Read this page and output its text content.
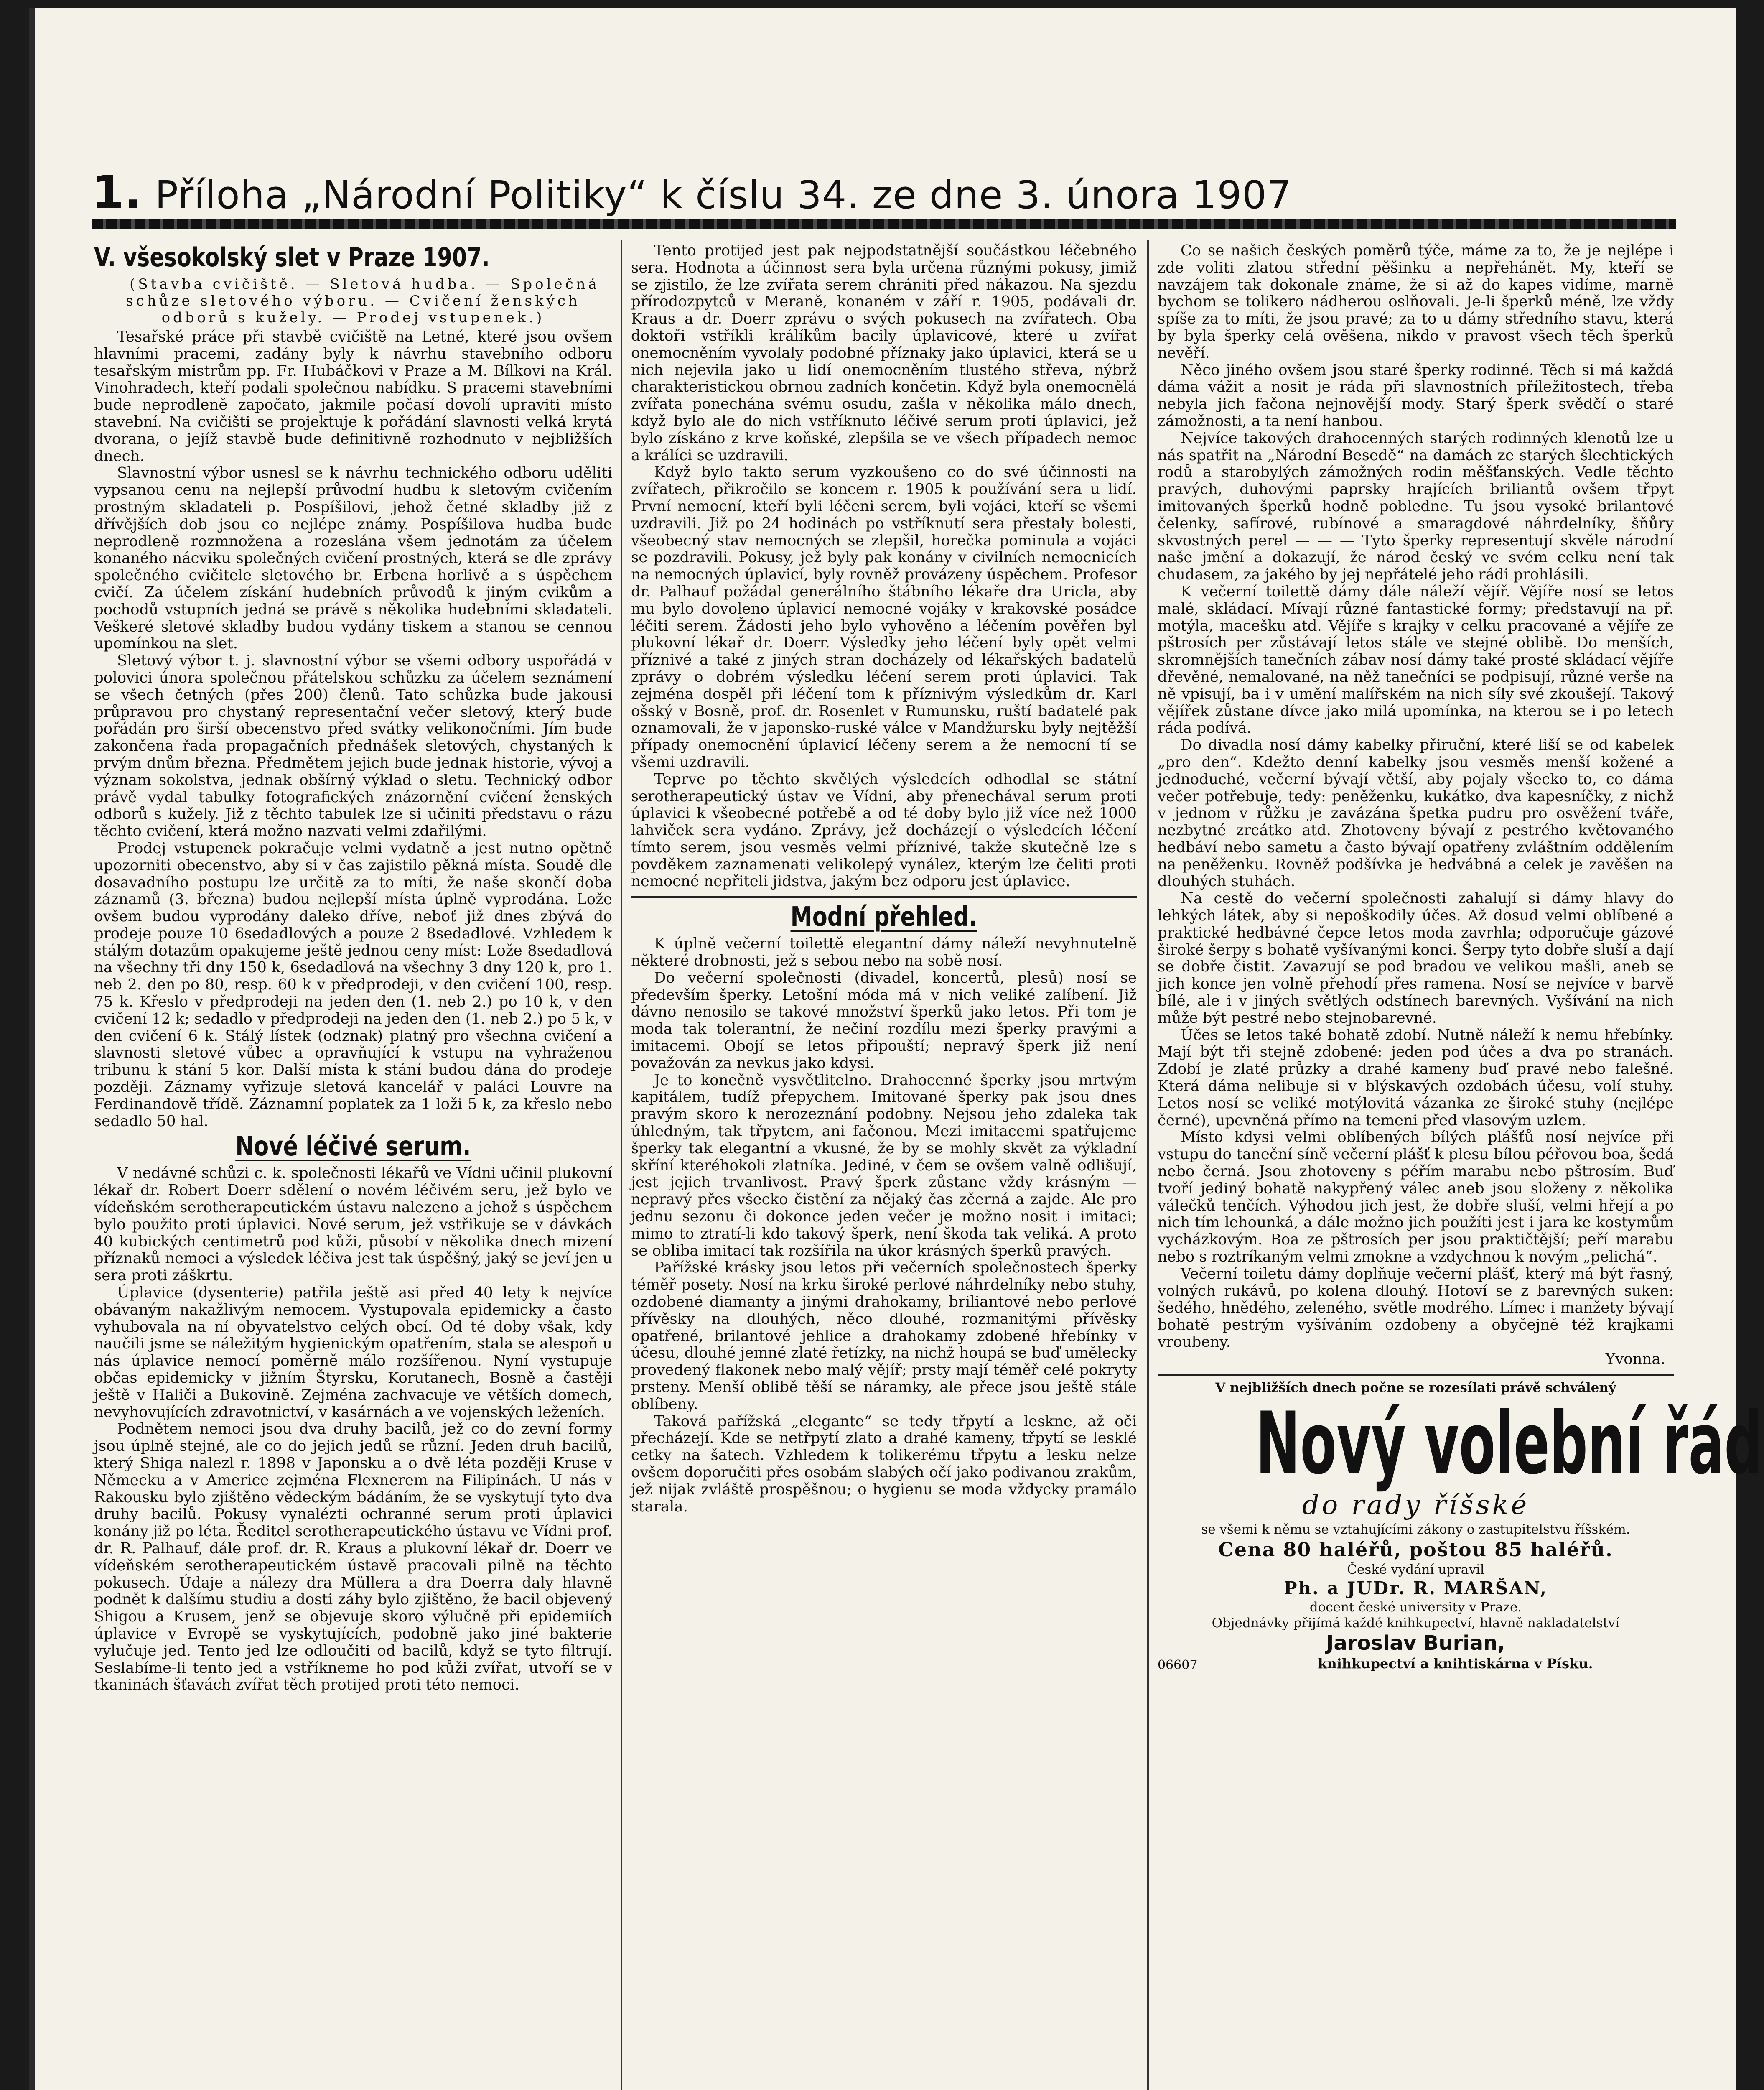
1. Příloha „Národní Politiky“ k číslu 34. ze dne 3. února 1907
V. všesokolský slet v Praze 1907.

(Stavba cvičiště. — Sletová hudba. — Společná schůze sletového výboru. — Cvičení ženských odborů s kužely. — Prodej vstupenek.)

Tesařské práce při stavbě cvičiště na Letné, které jsou ovšem hlavními pracemi, zadány byly k návrhu stavebního odboru tesařským mistrům pp. Fr. Hubáčkovi v Praze a M. Bílkovi na Král. Vinohradech, kteří podali společnou nabídku. S pracemi stavebními bude neprodleně započato, jakmile počasí dovolí upraviti místo stavební. Na cvičišti se projektuje k pořádání slavnosti velká krytá dvorana, o jejíž stavbě bude definitivně rozhodnuto v nejbližších dnech.

Slavnostní výbor usnesl se k návrhu technického odboru uděliti vypsanou cenu na nejlepší průvodní hudbu k sletovým cvičením prostným skladateli p. Pospíšilovi, jehož četné skladby již z dřívějších dob jsou co nejlépe známy. Pospíšilova hudba bude neprodleně rozmnožena a rozeslána všem jednotám za účelem konaného nácviku společných cvičení prostných, která se dle zprávy společného cvičitele sletového br. Erbena horlivě a s úspěchem cvičí. Za účelem získání hudebních průvodů k jiným cvikům a pochodů vstupních jedná se právě s několika hudebními skladateli. Veškeré sletové skladby budou vydány tiskem a stanou se cennou upomínkou na slet.

Sletový výbor t. j. slavnostní výbor se všemi odbory uspořádá v polovici února společnou přátelskou schůzku za účelem seznámení se všech četných (přes 200) členů. Tato schůzka bude jakousi průpravou pro chystaný representační večer sletový, který bude pořádán pro širší obecenstvo před svátky velikonočními. Jím bude zakončena řada propagačních přednášek sletových, chystaných k prvým dnům března. Předmětem jejich bude jednak historie, vývoj a význam sokolstva, jednak obšírný výklad o sletu. Technický odbor právě vydal tabulky fotografických znázornění cvičení ženských odborů s kužely. Již z těchto tabulek lze si učiniti představu o rázu těchto cvičení, která možno nazvati velmi zdařilými.

Prodej vstupenek pokračuje velmi vydatně a jest nutno opětně upozorniti obecenstvo, aby si v čas zajistilo pěkná místa. Soudě dle dosavadního postupu lze určitě za to míti, že naše skončí doba záznamů (3. března) budou nejlepší místa úplně vyprodána. Lože ovšem budou vyprodány daleko dříve, neboť již dnes zbývá do prodeje pouze 10 6sedadlových a pouze 2 8sedadlové. Vzhledem k stálým dotazům opakujeme ještě jednou ceny míst: Lože 8sedadlová na všechny tři dny 150 k, 6sedadlová na všechny 3 dny 120 k, pro 1. neb 2. den po 80, resp. 60 k v předprodeji, v den cvičení 100, resp. 75 k. Křeslo v předprodeji na jeden den (1. neb 2.) po 10 k, v den cvičení 12 k; sedadlo v předprodeji na jeden den (1. neb 2.) po 5 k, v den cvičení 6 k. Stálý lístek (odznak) platný pro všechna cvičení a slavnosti sletové vůbec a opravňující k vstupu na vyhraženou tribunu k stání 5 kor. Další místa k stání budou dána do prodeje později. Záznamy vyřizuje sletová kancelář v paláci Louvre na Ferdinandově třídě. Záznamní poplatek za 1 loži 5 k, za křeslo nebo sedadlo 50 hal.

Nové léčivé serum.

V nedávné schůzi c. k. společnosti lékařů ve Vídni učinil plukovní lékař dr. Robert Doerr sdělení o novém léčivém seru, jež bylo ve vídeňském serotherapeutickém ústavu nalezeno a jehož s úspěchem bylo použito proti úplavici. Nové serum, jež vstřikuje se v dávkách 40 kubických centimetrů pod kůži, působí v několika dnech mizení příznaků nemoci a výsledek léčiva jest tak úspěšný, jaký se jeví jen u sera proti záškrtu.

Úplavice (dysenterie) patřila ještě asi před 40 lety k nejvíce obávaným nakažlivým nemocem. Vystupovala epidemicky a často vyhubovala na ní obyvatelstvo celých obcí. Od té doby však, kdy naučili jsme se náležitým hygienickým opatřením, stala se alespoň u nás úplavice nemocí poměrně málo rozšířenou. Nyní vystupuje občas epidemicky v jižním Štyrsku, Korutanech, Bosně a častěji ještě v Haliči a Bukovině. Zejména zachvacuje ve větších domech, nevyhovujících zdravotnictví, v kasárnách a ve vojenských leženích.

Podnětem nemoci jsou dva druhy bacilů, jež co do zevní formy jsou úplně stejné, ale co do jejich jedů se různí. Jeden druh bacilů, který Shiga nalezl r. 1898 v Japonsku a o dvě léta později Kruse v Německu a v Americe zejména Flexnerem na Filipinách. U nás v Rakousku bylo zjištěno vědeckým bádáním, že se vyskytují tyto dva druhy bacilů. Pokusy vynalézti ochranné serum proti úplavici konány již po léta. Ředitel serotherapeutického ústavu ve Vídni prof. dr. R. Palhauf, dále prof. dr. R. Kraus a plukovní lékař dr. Doerr ve vídeňském serotherapeutickém ústavě pracovali pilně na těchto pokusech. Údaje a nálezy dra Müllera a dra Doerra daly hlavně podnět k dalšímu studiu a dosti záhy bylo zjištěno, že bacil objevený Shigou a Krusem, jenž se objevuje skoro výlučně při epidemiích úplavice v Evropě se vyskytujících, podobně jako jiné bakterie vylučuje jed. Tento jed lze odloučiti od bacilů, když se tyto filtrují. Seslabíme-li tento jed a vstříkneme ho pod kůži zvířat, utvoří se v tkaninách šťavách zvířat těch protijed proti této nemoci.

Tento protijed jest pak nejpodstatnější součástkou léčebného sera. Hodnota a účinnost sera byla určena různými pokusy, jimiž se zjistilo, že lze zvířata serem chrániti před nákazou. Na sjezdu přírodozpytců v Meraně, konaném v září r. 1905, podávali dr. Kraus a dr. Doerr zprávu o svých pokusech na zvířatech. Oba doktoři vstříkli králíkům bacily úplavicové, které u zvířat onemocněním vyvolaly podobné příznaky jako úplavici, která se u nich nejevila jako u lidí onemocněním tlustého střeva, nýbrž charakteristickou obrnou zadních končetin. Když byla onemocnělá zvířata ponechána svému osudu, zašla v několika málo dnech, když bylo ale do nich vstříknuto léčivé serum proti úplavici, jež bylo získáno z krve koňské, zlepšila se ve všech případech nemoc a králíci se uzdravili.

Když bylo takto serum vyzkoušeno co do své účinnosti na zvířatech, přikročilo se koncem r. 1905 k používání sera u lidí. První nemocní, kteří byli léčeni serem, byli vojáci, kteří se všemi uzdravili. Již po 24 hodinách po vstříknutí sera přestaly bolesti, všeobecný stav nemocných se zlepšil, horečka pominula a vojáci se pozdravili. Pokusy, jež byly pak konány v civilních nemocnicích na nemocných úplavicí, byly rovněž provázeny úspěchem. Profesor dr. Palhauf požádal generálního štábního lékaře dra Uricla, aby mu bylo dovoleno úplavicí nemocné vojáky v krakovské posádce léčiti serem. Žádosti jeho bylo vyhověno a léčením pověřen byl plukovní lékař dr. Doerr. Výsledky jeho léčení byly opět velmi příznivé a také z jiných stran docházely od lékařských badatelů zprávy o dobrém výsledku léčení serem proti úplavici. Tak zejména dospěl při léčení tom k příznivým výsledkům dr. Karl ošský v Bosně, prof. dr. Rosenlet v Rumunsku, ruští badatelé pak oznamovali, že v japonsko-ruské válce v Mandžursku byly nejtěžší případy onemocnění úplavicí léčeny serem a že nemocní tí se všemi uzdravili.

Teprve po těchto skvělých výsledcích odhodlal se státní serotherapeutický ústav ve Vídni, aby přenechával serum proti úplavici k všeobecné potřebě a od té doby bylo již více než 1000 lahviček sera vydáno. Zprávy, jež docházejí o výsledcích léčení tímto serem, jsou vesměs velmi příznivé, takže skutečně lze s povděkem zaznamenati velikolepý vynález, kterým lze čeliti proti nemocné nepřiteli jidstva, jakým bez odporu jest úplavice.

Modní přehled.

K úplně večerní toilettě elegantní dámy náleží nevyhnutelně některé drobnosti, jež s sebou nebo na sobě nosí.

Do večerní společnosti (divadel, koncertů, plesů) nosí se především šperky. Letošní móda má v nich veliké zalíbení. Již dávno nenosilo se takové množství šperků jako letos. Při tom je moda tak tolerantní, že nečiní rozdílu mezi šperky pravými a imitacemi. Obojí se letos připouští; nepravý šperk již není považován za nevkus jako kdysi.

Je to konečně vysvětlitelno. Drahocenné šperky jsou mrtvým kapitálem, tudíž přepychem. Imitované šperky pak jsou dnes pravým skoro k nerozeznání podobny. Nejsou jeho zdaleka tak úhledným, tak třpytem, ani fačonou. Mezi imitacemi spatřujeme šperky tak elegantní a vkusné, že by se mohly skvět za výkladní skříní kteréhokoli zlatníka. Jediné, v čem se ovšem valně odlišují, jest jejich trvanlivost. Pravý šperk zůstane vždy krásným — nepravý přes všecko čistění za nějaký čas zčerná a zajde. Ale pro jednu sezonu či dokonce jeden večer je možno nosit i imitaci; mimo to ztratí-li kdo takový šperk, není škoda tak veliká. A proto se obliba imitací tak rozšířila na úkor krásných šperků pravých.

Pařížské krásky jsou letos při večerních společnostech šperky téměř posety. Nosí na krku široké perlové náhrdelníky nebo stuhy, ozdobené diamanty a jinými drahokamy, briliantové nebo perlové přívěsky na dlouhých, něco dlouhé, rozmanitými přívěsky opatřené, brilantové jehlice a drahokamy zdobené hřebínky v účesu, dlouhé jemné zlaté řetízky, na nichž houpá se buď umělecky provedený flakonek nebo malý vějíř; prsty mají téměř celé pokryty prsteny. Menší oblibě těší se náramky, ale přece jsou ještě stále oblíbeny.

Taková pařížská „elegante“ se tedy třpytí a leskne, až oči přecházejí. Kde se netřpytí zlato a drahé kameny, třpytí se lesklé cetky na šatech. Vzhledem k tolikerému třpytu a lesku nelze ovšem doporučiti přes osobám slabých očí jako podivanou zrakům, jež nijak zvláště prospěšnou; o hygienu se moda vždycky pramálo starala.

Co se našich českých poměrů týče, máme za to, že je nejlépe i zde voliti zlatou střední pěšinku a nepřehánět. My, kteří se navzájem tak dokonale známe, že si až do kapes vidíme, marně bychom se tolikero nádherou oslňovali. Je-li šperků méně, lze vždy spíše za to míti, že jsou pravé; za to u dámy středního stavu, která by byla šperky celá ověšena, nikdo v pravost všech těch šperků nevěří.

Něco jiného ovšem jsou staré šperky rodinné. Těch si má každá dáma vážit a nosit je ráda při slavnostních příležitostech, třeba nebyla jich fačona nejnovější mody. Starý šperk svědčí o staré zámožnosti, a ta není hanbou.

Nejvíce takových drahocenných starých rodinných klenotů lze u nás spatřit na „Národní Besedě“ na damách ze starých šlechtických rodů a starobylých zámožných rodin měšťanských. Vedle těchto pravých, duhovými paprsky hrajících briliantů ovšem třpyt imitovaných šperků hodně pobledne. Tu jsou vysoké brilantové čelenky, safírové, rubínové a smaragdové náhrdelníky, šňůry skvostných perel — — — Tyto šperky representují skvěle národní naše jmění a dokazují, že národ český ve svém celku není tak chudasem, za jakého by jej nepřátelé jeho rádi prohlásili.

K večerní toilettě dámy dále náleží vějíř. Vějíře nosí se letos malé, skládací. Mívají různé fantastické formy; představují na př. motýla, macešku atd. Vějíře s krajky v celku pracované a vějíře ze pštrosích per zůstávají letos stále ve stejné oblibě. Do menších, skromnějších tanečních zábav nosí dámy také prosté skládací vějíře dřevěné, nemalované, na něž tanečníci se podpisují, různé verše na ně vpisují, ba i v umění malířském na nich síly své zkoušejí. Takový vějířek zůstane dívce jako milá upomínka, na kterou se i po letech ráda podívá.

Do divadla nosí dámy kabelky přiruční, které liší se od kabelek „pro den“. Kdežto denní kabelky jsou vesměs menší kožené a jednoduché, večerní bývají větší, aby pojaly všecko to, co dáma večer potřebuje, tedy: peněženku, kukátko, dva kapesníčky, z nichž v jednom v růžku je zavázána špetka pudru pro osvěžení tváře, nezbytné zrcátko atd. Zhotoveny bývají z pestrého květovaného hedbáví nebo sametu a často bývají opatřeny zvláštním oddělením na peněženku. Rovněž podšívka je hedvábná a celek je zavěšen na dlouhých stuhách.

Na cestě do večerní společnosti zahalují si dámy hlavy do lehkých látek, aby si nepoškodily účes. Až dosud velmi oblíbené a praktické hedbávné čepce letos moda zavrhla; odporučuje gázové široké šerpy s bohatě vyšívanými konci. Šerpy tyto dobře sluší a dají se dobře čistit. Zavazují se pod bradou ve velikou mašli, aneb se jich konce jen volně přehodí přes ramena. Nosí se nejvíce v barvě bílé, ale i v jiných světlých odstínech barevných. Vyšívání na nich může být pestré nebo stejnobarevné.

Účes se letos také bohatě zdobí. Nutně náleží k nemu hřebínky. Mají být tři stejně zdobené: jeden pod účes a dva po stranách. Zdobí je zlaté průzky a drahé kameny buď pravé nebo falešné. Která dáma nelibuje si v blýskavých ozdobách účesu, volí stuhy. Letos nosí se veliké motýlovitá vázanka ze široké stuhy (nejlépe černé), upevněná přímo na temeni před vlasovým uzlem.

Místo kdysi velmi oblíbených bílých plášťů nosí nejvíce při vstupu do taneční síně večerní plášť k plesu bílou péřovou boa, šedá nebo černá. Jsou zhotoveny s péřím marabu nebo pštrosím. Buď tvoří jediný bohatě nakypřený válec aneb jsou složeny z několika válečků tenčích. Výhodou jich jest, že dobře sluší, velmi hřejí a po nich tím lehounká, a dále možno jich použíti jest i jara ke kostymům vycházkovým. Boa ze pštrosích per jsou praktičtější; peří marabu nebo s roztríkaným velmi zmokne a vzdychnou k novým „pelichá“.

Večerní toiletu dámy doplňuje večerní plášť, který má být řasný, volných rukávů, po kolena dlouhý. Hotoví se z barevných suken: šedého, hnědého, zeleného, světle modrého. Límec i manžety bývají bohatě pestrým vyšíváním ozdobeny a obyčejně též krajkami vroubeny.

Yvonna.

V nejbližších dnech počne se rozesílati právě schválený
Nový volební řád
do rady říšské
se všemi k němu se vztahujícími zákony o zastupitelstvu říšském.
Cena 80 haléřů, poštou 85 haléřů.
České vydání upravil
Ph. a JUDr. R. MARŠAN,
docent české university v Praze.
Objednávky přijímá každé knihkupectví, hlavně nakladatelství
Jaroslav Burian,
06607	knihkupectví a knihtiskárna v Písku.
